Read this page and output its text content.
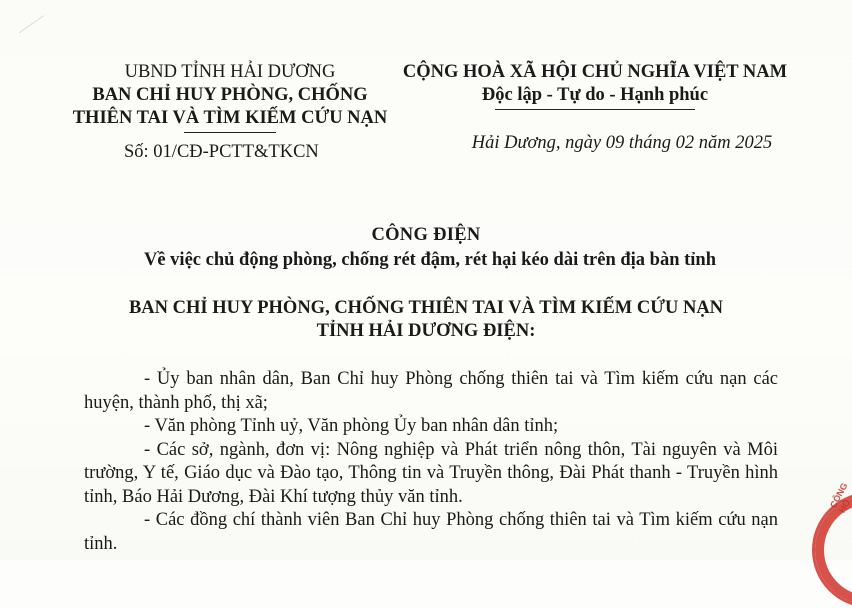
UBND TỈNH HẢI DƯƠNG
BAN CHỈ HUY PHÒNG, CHỐNG
THIÊN TAI VÀ TÌM KIẾM CỨU NẠN
Số: 01/CĐ-PCTT&TKCN
CỘNG HOÀ XÃ HỘI CHỦ NGHĨA VIỆT NAM
Độc lập - Tự do - Hạnh phúc
Hải Dương, ngày 09 tháng 02 năm 2025
CÔNG ĐIỆN
Về việc chủ động phòng, chống rét đậm, rét hại kéo dài trên địa bàn tỉnh
BAN CHỈ HUY PHÒNG, CHỐNG THIÊN TAI VÀ TÌM KIẾM CỨU NẠN
TỈNH HẢI DƯƠNG ĐIỆN:

- Ủy ban nhân dân, Ban Chỉ huy Phòng chống thiên tai và Tìm kiếm cứu nạn các huyện, thành phố, thị xã;

- Văn phòng Tỉnh uỷ, Văn phòng Ủy ban nhân dân tỉnh;

- Các sở, ngành, đơn vị: Nông nghiệp và Phát triển nông thôn, Tài nguyên và Môi trường, Y tế, Giáo dục và Đào tạo, Thông tin và Truyền thông, Đài Phát thanh - Truyền hình tỉnh, Báo Hải Dương, Đài Khí tượng thủy văn tỉnh.

- Các đồng chí thành viên Ban Chỉ huy Phòng chống thiên tai và Tìm kiếm cứu nạn tỉnh.

CỘNG HÒ
